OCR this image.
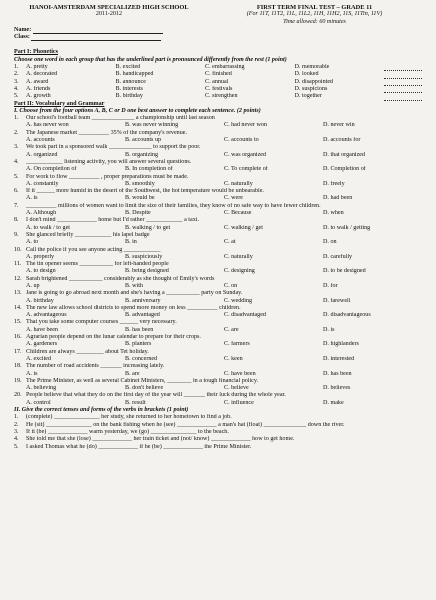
HANOI-AMSTERDAM SPECIALIZED HIGH SCHOOL
2011-2012
FIRST TERM FINAL TEST – GRADE 11
(For 11T, 11T2, 11L, 11L2, 11H, 11H2, 11S, 11Tin, 11V)
Time allowed: 60 minutes
Name:
Class:
Part I: Phonetics
Choose one word in each group that has the underlined part is pronounced differently from the rest (1 point)
1.	A. pretty	B. excited	C. embarrassing	D. memorable
2.	A. decorated	B. handicapped	C. finished	D. looked
3.	A. award	B. announce	C. annual	D. disappointed
4.	A. friends	B. interests	C. festivals	D. suspicions
5.	A. growth	B. birthday	C. strengthen	D. together
Part II: Vocabulary and Grammar
I. Choose from the four options A, B, C or D one best answer to complete each sentence. (2 points)
1.	Our school's football team ______________ a championship until last season
A. has never won	B. was never winning	C. had never won	D. never win
2.	The Japanese market __________ 35% of the company's revenue.
A. accounts	B. accounts up	C. accounts to	D. accounts for
3.	We took part in a sponsored walk ______________ to support the poor.
A. organized	B. organizing	C. was organized	D. that organized
4.	____________ listening activity, you will answer several questions.
A. On completion of	B. In completion of	C. To complete of	D. Completion of
5.	For work to flow __________ , proper preparations must be made.
A. constantly	B. smoothly	C. naturally	D. freely
6.	If it ______ more humid in the desert of the Southwest, the hot temperature would be unbearable.
A. is	B. would be	C. were	D. had been
7.	__________ millions of women want to limit the size of their families, they know of no safe way to have fewer children.
A. Although	B. Despite	C. Because	D. when
8.	I don't mind _____________ home but I'd rather ____________ a taxi.
A. to walk / to get	B. walking / to get	C. walking / get	D. to walk / getting
9.	She glanced briefly ____________ his lapel badge
A. to	B. in	C. at	D. on
10. Call the police if you see anyone acting ____________
A. properly	B. suspiciously	C. naturally	D. carefully
11. The tin opener seems ___________ for left-handed people
A. to design	B. being designed	C. designing	D. to be designed
12. Sarah brightened ___________ considerably as she thought of Emily's words
A. up	B. with	C. on	D. for
13. Jane is going to go abroad next month and she's having a ___________ party on Sunday.
A. birthday	B. anniversary	C. wedding	D. farewell
14. The new law allows school districts to spend more money on less __________ children.
A. advantageous	B. advantaged	C. disadvantaged	D. disadvantageous
15. That you take some computer courses ______ very necessary.
A. have been	B. has been	C. are	D. is
16. Agrarian people depend on the lunar calendar to prepare for their crops.
A. gardeners	B. planters	C. farmers	D. highlanders
17. Children are always _________ about Tet holiday.
A. excited	B. concerned	C. keen	D. interested
18. The number of road accidents _______ increasing lately.
A. is	B. are	C. have been	D. has been
19. The Prime Minister, as well as several Cabinet Ministers, ________ in a tough financial policy.
A. believing	B. don't believe	C. believe	D. believes
20. People believe that what they do on the first day of the year will _______ their luck during the whole year.
A. control	B. result	C. influence	D. make
II. Give the correct tenses and forms of the verbs in brackets (1 point)
1.	(complete) _______________ her study, she returned to her hometown to find a job.
2.	He (sit) _______________ on the bank fishing when he (see) _____________ a man's hat (float) ______________ down the river.
3.	If it (be) _____________ warm yesterday, we (go) _______________ to the beach.
4.	She told me that she (lose) _____________ her train ticket and (not/ know) _____________ how to get home.
5.	I asked Thomas what he (do) _____________ if he (be) _____________ the Prime Minister.
